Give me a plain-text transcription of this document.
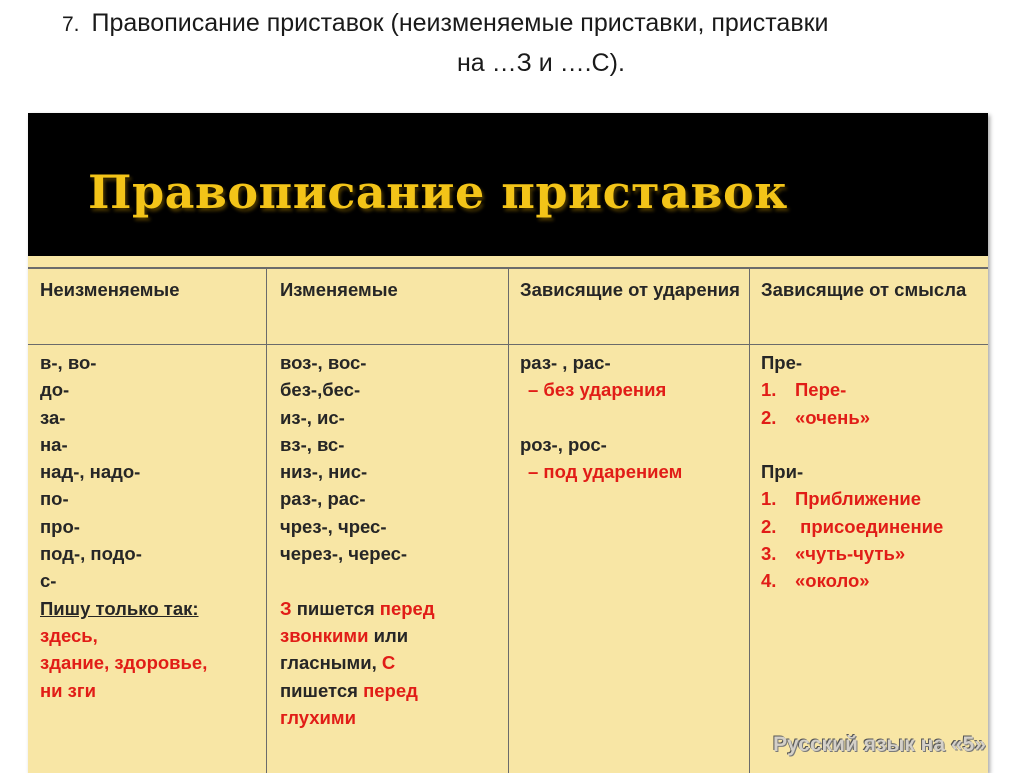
7. Правописание приставок (неизменяемые приставки, приставки
на …З и ….С).
Правописание приставок
Неизменяемые	Изменяемые	Зависящие от ударения Зависящие от смысла
в-, во-
до-
за-
на-
над-, надо-
по-
про-
под-, подо-
с-
Пишу только так:
здесь,
здание, здоровье,
ни зги
воз-, вос-
без-,бес-
из-, ис-
вз-, вс-
низ-, нис-
раз-, рас-
чрез-, чрес-
через-, черес-
З пишется перед
звонкими или
гласными, С
пишется перед
глухими
раз- , рас-
– без ударения
роз-, рос-
– под ударением
Пре-
1. Пере-
2. «очень»
При-
1. Приближение
2. присоединение
3. «чуть-чуть»
4. «около»
Русский язык на «5»
